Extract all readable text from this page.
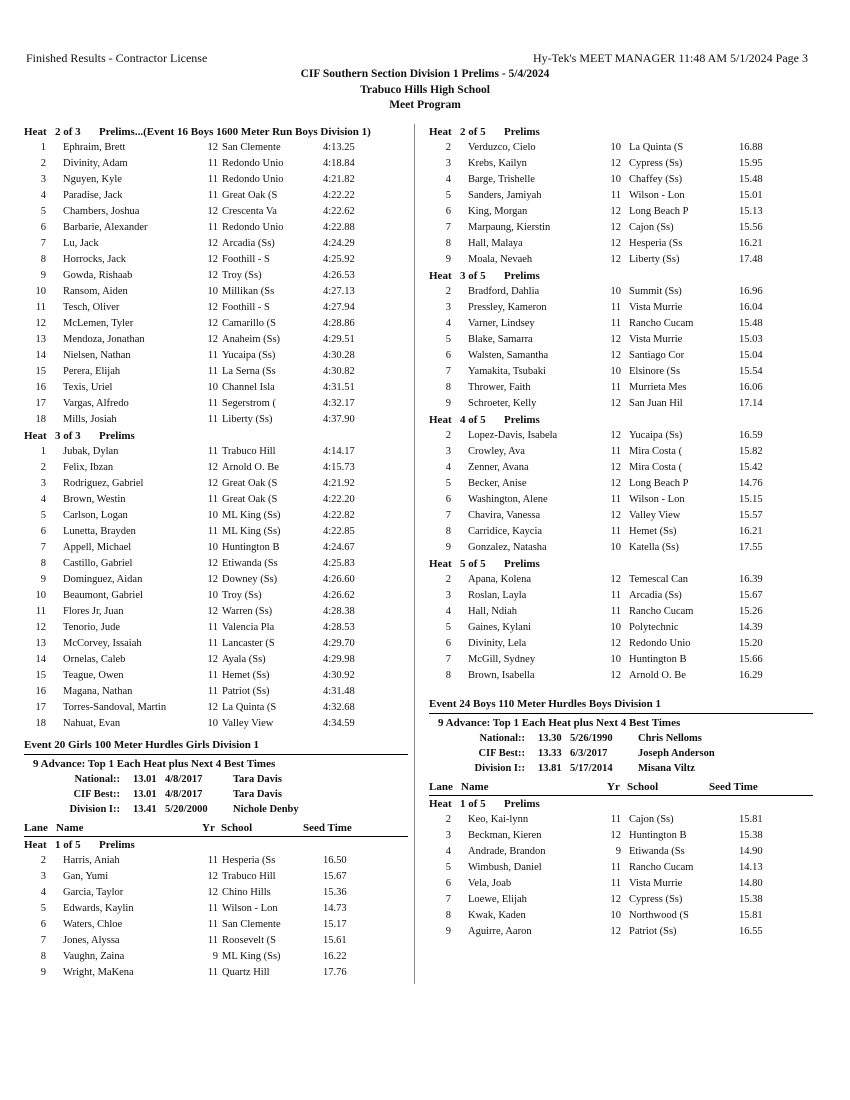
Finished Results - Contractor License	Hy-Tek's MEET MANAGER 11:48 AM 5/1/2024 Page 3
CIF Southern Section Division 1 Prelims - 5/4/2024
Trabuco Hills High School
Meet Program
Heat 2 of 3 Prelims...(Event 16 Boys 1600 Meter Run Boys Division 1)
1 Ephraim, Brett	12 San Clemente	4:13.25
2 Divinity, Adam	11 Redondo Unio	4:18.84
3 Nguyen, Kyle	11 Redondo Unio	4:21.82
4 Paradise, Jack	11 Great Oak (S	4:22.22
5 Chambers, Joshua	12 Crescenta Va	4:22.62
6 Barbarie, Alexander	11 Redondo Unio	4:22.88
7 Lu, Jack	12 Arcadia (Ss)	4:24.29
8 Horrocks, Jack	12 Foothill - S	4:25.92
9 Gowda, Rishaab	12 Troy (Ss)	4:26.53
10 Ransom, Aiden	10 Millikan (Ss	4:27.13
11 Tesch, Oliver	12 Foothill - S	4:27.94
12 McLemen, Tyler	12 Camarillo (S	4:28.86
13 Mendoza, Jonathan	12 Anaheim (Ss)	4:29.51
14 Nielsen, Nathan	11 Yucaipa (Ss)	4:30.28
15 Perera, Elijah	11 La Serna (Ss	4:30.82
16 Texis, Uriel	10 Channel Isla	4:31.51
17 Vargas, Alfredo	11 Segerstrom (	4:32.17
18 Mills, Josiah	11 Liberty (Ss)	4:37.90
Heat 3 of 3 Prelims
1 Jubak, Dylan	11 Trabuco Hill	4:14.17
2 Felix, Ibzan	12 Arnold O. Be	4:15.73
3 Rodriguez, Gabriel	12 Great Oak (S	4:21.92
4 Brown, Westin	11 Great Oak (S	4:22.20
5 Carlson, Logan	10 ML King (Ss)	4:22.82
6 Lunetta, Brayden	11 ML King (Ss)	4:22.85
7 Appell, Michael	10 Huntington B	4:24.67
8 Castillo, Gabriel	12 Etiwanda (Ss	4:25.83
9 Dominguez, Aidan	12 Downey (Ss)	4:26.60
10 Beaumont, Gabriel	10 Troy (Ss)	4:26.62
11 Flores Jr, Juan	12 Warren (Ss)	4:28.38
12 Tenorio, Jude	11 Valencia Pla	4:28.53
13 McCorvey, Issaiah	11 Lancaster (S	4:29.70
14 Ornelas, Caleb	12 Ayala (Ss)	4:29.98
15 Teague, Owen	11 Hemet (Ss)	4:30.92
16 Magana, Nathan	11 Patriot (Ss)	4:31.48
17 Torres-Sandoval, Martin	12 La Quinta (S	4:32.68
18 Nahuat, Evan	10 Valley View	4:34.59
Event 20 Girls 100 Meter Hurdles Girls Division 1
9 Advance: Top 1 Each Heat plus Next 4 Best Times
National:: 13.01 4/8/2017	Tara Davis
CIF Best:: 13.01 4/8/2017	Tara Davis
Division I:: 13.41 5/20/2000 Nichole Denby
Lane Name	Yr School	Seed Time
Heat 1 of 5 Prelims
2 Harris, Aniah	11 Hesperia (Ss	16.50
3 Gan, Yumi	12 Trabuco Hill	15.67
4 Garcia, Taylor	12 Chino Hills	15.36
5 Edwards, Kaylin	11 Wilson - Lon	14.73
6 Waters, Chloe	11 San Clemente	15.17
7 Jones, Alyssa	11 Roosevelt (S	15.61
8 Vaughn, Zaina	9 ML King (Ss)	16.22
9 Wright, MaKena	11 Quartz Hill	17.76
Heat 2 of 5 Prelims
2 Verduzco, Cielo	10 La Quinta (S	16.88
3 Krebs, Kailyn	12 Cypress (Ss)	15.95
4 Barge, Trishelle	10 Chaffey (Ss)	15.48
5 Sanders, Jamiyah	11 Wilson - Lon	15.01
6 King, Morgan	12 Long Beach P	15.13
7 Marpaung, Kierstin	12 Cajon (Ss)	15.56
8 Hall, Malaya	12 Hesperia (Ss	16.21
9 Moala, Nevaeh	12 Liberty (Ss)	17.48
Heat 3 of 5 Prelims
2 Bradford, Dahlia	10 Summit (Ss)	16.96
3 Pressley, Kameron	11 Vista Murrie	16.04
4 Varner, Lindsey	11 Rancho Cucam	15.48
5 Blake, Samarra	12 Vista Murrie	15.03
6 Walsten, Samantha	12 Santiago Cor	15.04
7 Yamakita, Tsubaki	10 Elsinore (Ss	15.54
8 Thrower, Faith	11 Murrieta Mes	16.06
9 Schroeter, Kelly	12 San Juan Hil	17.14
Heat 4 of 5 Prelims
2 Lopez-Davis, Isabela	12 Yucaipa (Ss)	16.59
3 Crowley, Ava	11 Mira Costa (	15.82
4 Zenner, Avana	12 Mira Costa (	15.42
5 Becker, Anise	12 Long Beach P	14.76
6 Washington, Alene	11 Wilson - Lon	15.15
7 Chavira, Vanessa	12 Valley View	15.57
8 Carridice, Kaycia	11 Hemet (Ss)	16.21
9 Gonzalez, Natasha	10 Katella (Ss)	17.55
Heat 5 of 5 Prelims
2 Apana, Kolena	12 Temescal Can	16.39
3 Roslan, Layla	11 Arcadia (Ss)	15.67
4 Hall, Ndiah	11 Rancho Cucam	15.26
5 Gaines, Kylani	10 Polytechnic	14.39
6 Divinity, Lela	12 Redondo Unio	15.20
7 McGill, Sydney	10 Huntington B	15.66
8 Brown, Isabella	12 Arnold O. Be	16.29
Event 24 Boys 110 Meter Hurdles Boys Division 1
9 Advance: Top 1 Each Heat plus Next 4 Best Times
National:: 13.30 5/26/1990 Chris Nelloms
CIF Best:: 13.33 6/3/2017	Joseph Anderson
Division I:: 13.81 5/17/2014 Misana Viltz
Lane Name	Yr School	Seed Time
Heat 1 of 5 Prelims
2 Keo, Kai-lynn	11 Cajon (Ss)	15.81
3 Beckman, Kieren	12 Huntington B	15.38
4 Andrade, Brandon	9 Etiwanda (Ss	14.90
5 Wimbush, Daniel	11 Rancho Cucam	14.13
6 Vela, Joab	11 Vista Murrie	14.80
7 Loewe, Elijah	12 Cypress (Ss)	15.38
8 Kwak, Kaden	10 Northwood (S	15.81
9 Aguirre, Aaron	12 Patriot (Ss)	16.55
